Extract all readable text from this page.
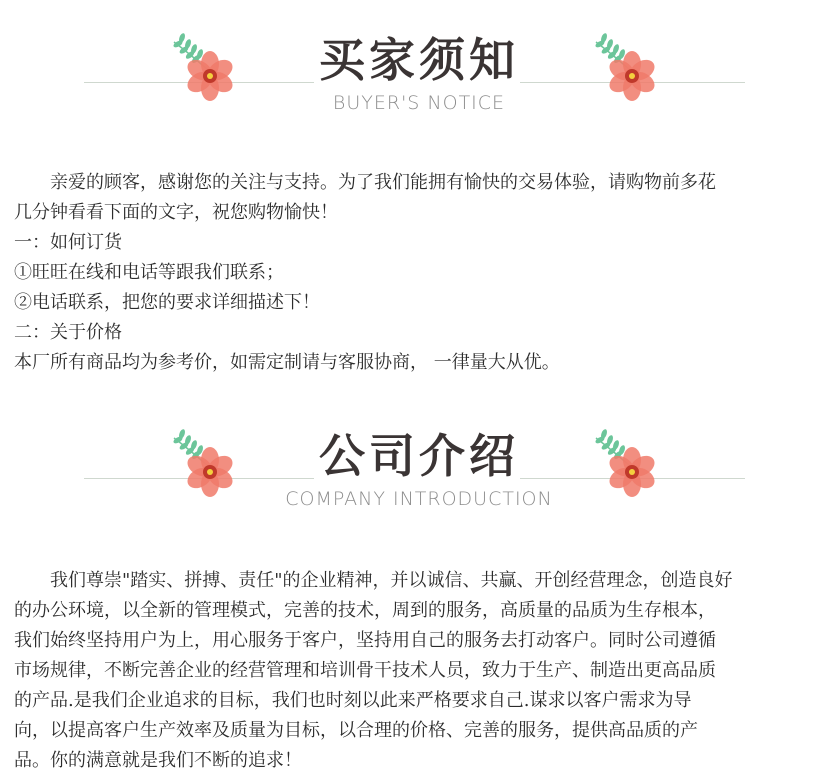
买家须知
BUYER'S NOTICE
　　亲爱的顾客，感谢您的关注与支持。为了我们能拥有愉快的交易体验，请购物前多花
几分钟看看下面的文字，祝您购物愉快！
一：如何订货
①旺旺在线和电话等跟我们联系；
②电话联系，把您的要求详细描述下！
二：关于价格
本厂所有商品均为参考价，如需定制请与客服协商， 一律量大从优。
公司介绍
COMPANY INTRODUCTION
　　我们尊崇"踏实、拼搏、责任"的企业精神，并以诚信、共赢、开创经营理念，创造良好
的办公环境，以全新的管理模式，完善的技术，周到的服务，高质量的品质为生存根本，
我们始终坚持用户为上，用心服务于客户，坚持用自己的服务去打动客户。同时公司遵循
市场规律，不断完善企业的经营管理和培训骨干技术人员，致力于生产、制造出更高品质
的产品.是我们企业追求的目标，我们也时刻以此来严格要求自己.谋求以客户需求为导
向，以提高客户生产效率及质量为目标，以合理的价格、完善的服务，提供高品质的产
品。你的满意就是我们不断的追求！
